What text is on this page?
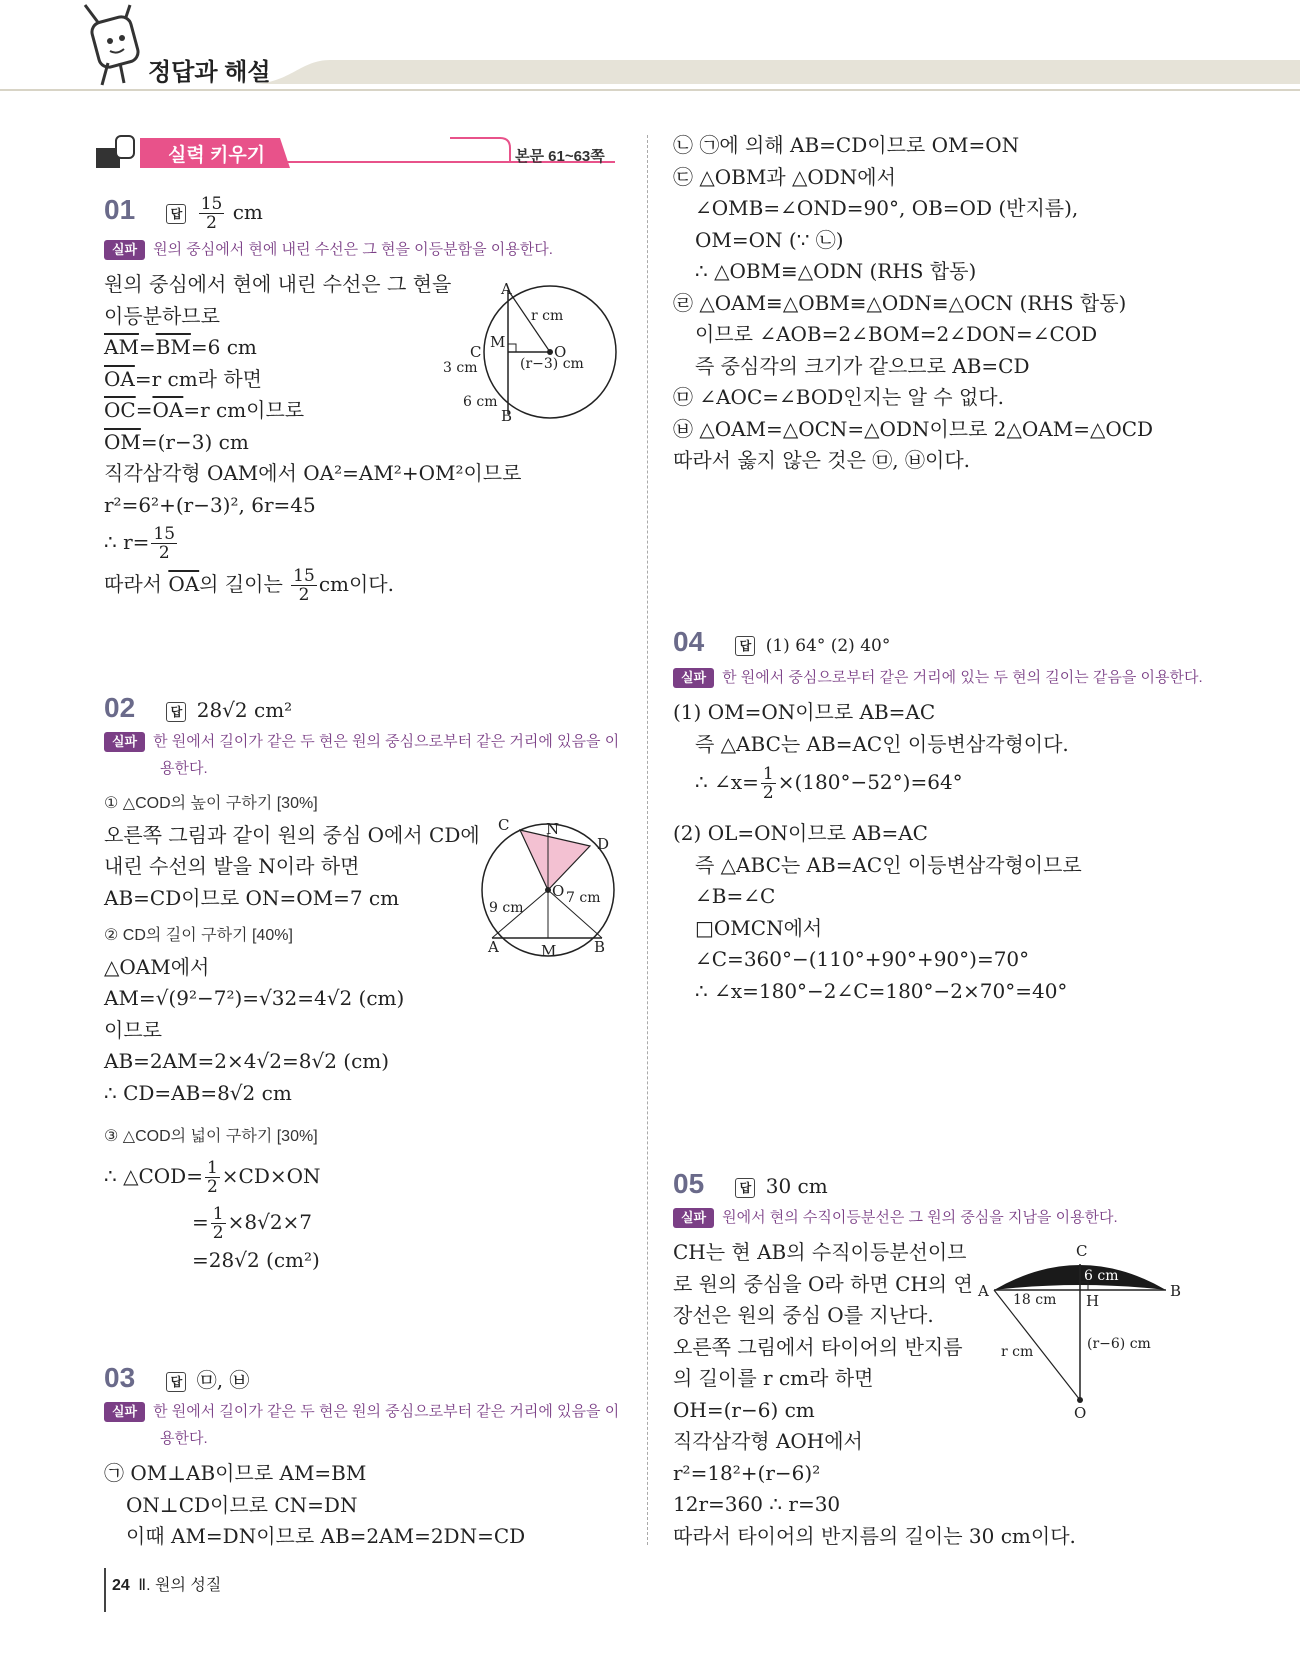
정답과 해설
실력 키우기	본문 61~63쪽
01	답 $\frac{15}{2}$ cm
실파 원의 중심에서 현에 내린 수선은 그 현을 이등분함을 이용한다.
원의 중심에서 현에 내린 수선은 그 현을
이등분하므로
$\overline{AM}=\overline{BM}=6$ cm
$\overline{OA}=r$ cm라 하면
$\overline{OC}=\overline{OA}=r$ cm이므로
$\overline{OM}=(r-3)$ cm
직각삼각형 OAM에서 OA²=AM²+OM²이므로
r²=6²+(r−3)², 6r=45
∴ $r= \frac{15}{2}$
따라서 $\overline{OA}$의 길이는 $\frac{15}{2}$ cm이다.
A
B
C
M
O
r cm
(r−3) cm
3 cm
6 cm
02	답 28√2 cm²
실파 한 원에서 길이가 같은 두 현은 원의 중심으로부터 같은 거리에 있음을 이
용한다.
① △COD의 높이 구하기 [30%]
오른쪽 그림과 같이 원의 중심 O에서 CD에
내린 수선의 발을 N이라 하면
AB=CD이므로 ON=OM=7 cm
② CD의 길이 구하기 [40%]
△OAM에서
AM=√(9²−7²)=√32=4√2 (cm)
이므로
AB=2AM=2×4√2=8√2 (cm)
∴ CD=AB=8√2 cm
③ △COD의 넓이 구하기 [30%]
∴ △COD= $\frac{1}{2} \times CD\times ON$
= $\frac{1}{2} \times 8√2\times 7$
=28√2 (cm²)
C N
D
O 7 cm
9 cm
A	M	B
03	답 ㉤, ㉥
실파 한 원에서 길이가 같은 두 현은 원의 중심으로부터 같은 거리에 있음을 이
용한다.
㉠ OM⊥AB이므로 AM=BM
ON⊥CD이므로 CN=DN
이때 AM=DN이므로 AB=2AM=2DN=CD
㉡ ㉠에 의해 AB=CD이므로 OM=ON
㉢ △OBM과 △ODN에서
∠OMB=∠OND=90°, OB=OD (반지름),
OM=ON (∵ ㉡)
∴ △OBM≡△ODN (RHS 합동)
㉣ △OAM≡△OBM≡△ODN≡△OCN (RHS 합동)
이므로 ∠AOB=2∠BOM=2∠DON=∠COD
즉 중심각의 크기가 같으므로 AB=CD
㉤ ∠AOC=∠BOD인지는 알 수 없다.
㉥ △OAM=△OCN=△ODN이므로 2△OAM=△OCD
따라서 옳지 않은 것은 ㉤, ㉥이다.
04	답 (1) 64° (2) 40°
실파 한 원에서 중심으로부터 같은 거리에 있는 두 현의 길이는 같음을 이용한다.
(1) OM=ON이므로 AB=AC
즉 △ABC는 AB=AC인 이등변삼각형이다.
∴ ∠x= $\frac{1}{2} \times(180^\circ-52^\circ)=64^\circ$
(2) OL=ON이므로 AB=AC
즉 △ABC는 AB=AC인 이등변삼각형이므로
∠B=∠C
□OMCN에서
∠C=360°−(110°+90°+90°)=70°
∴ ∠x=180°−2∠C=180°−2×70°=40°
05	답 30 cm
실파 원에서 현의 수직이등분선은 그 원의 중심을 지남을 이용한다.
CH는 현 AB의 수직이등분선이므
로 원의 중심을 O라 하면 CH의 연
장선은 원의 중심 O를 지난다.
오른쪽 그림에서 타이어의 반지름
의 길이를 r cm라 하면
OH=(r−6) cm
직각삼각형 AOH에서
r²=18²+(r−6)²
12r=360 ∴ r=30
따라서 타이어의 반지름의 길이는 30 cm이다.
C
6 cm
A	B
18 cm H
r cm	(r−6) cm
O
24 Ⅱ. 원의 성질
